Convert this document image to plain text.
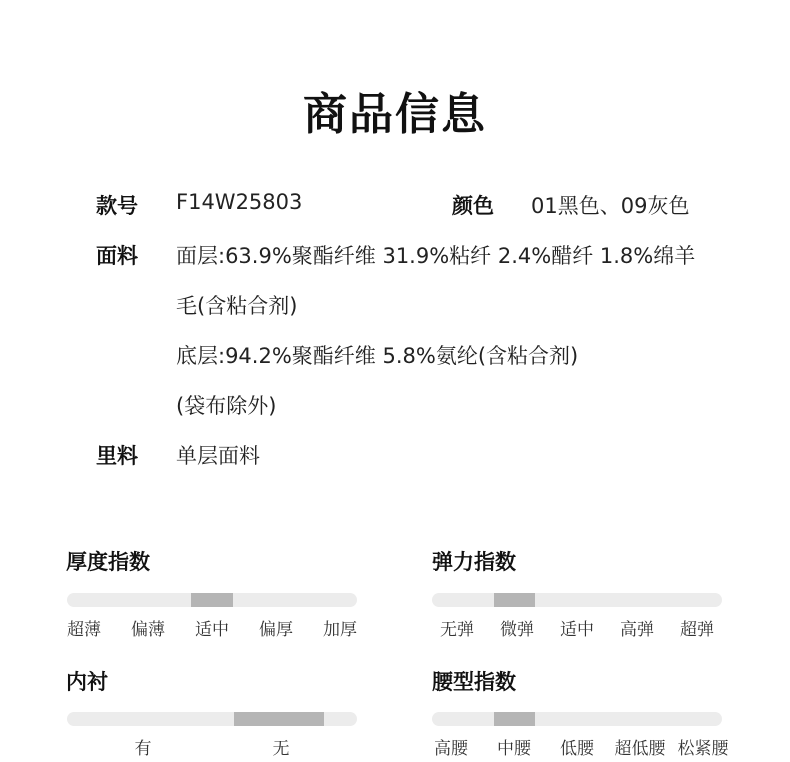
商品信息
款号 F14W25803	颜色 01黑色、09灰色
面料 面层:63.9%聚酯纤维 31.9%粘纤 2.4%醋纤 1.8%绵羊
毛(含粘合剂)
底层:94.2%聚酯纤维 5.8%氨纶(含粘合剂)
(袋布除外)
里料 单层面料
厚度指数
超薄 偏薄 适中 偏厚 加厚
弹力指数
无弹 微弹 适中 高弹 超弹
内衬
有	无
腰型指数
高腰 中腰 低腰 超低腰 松紧腰
